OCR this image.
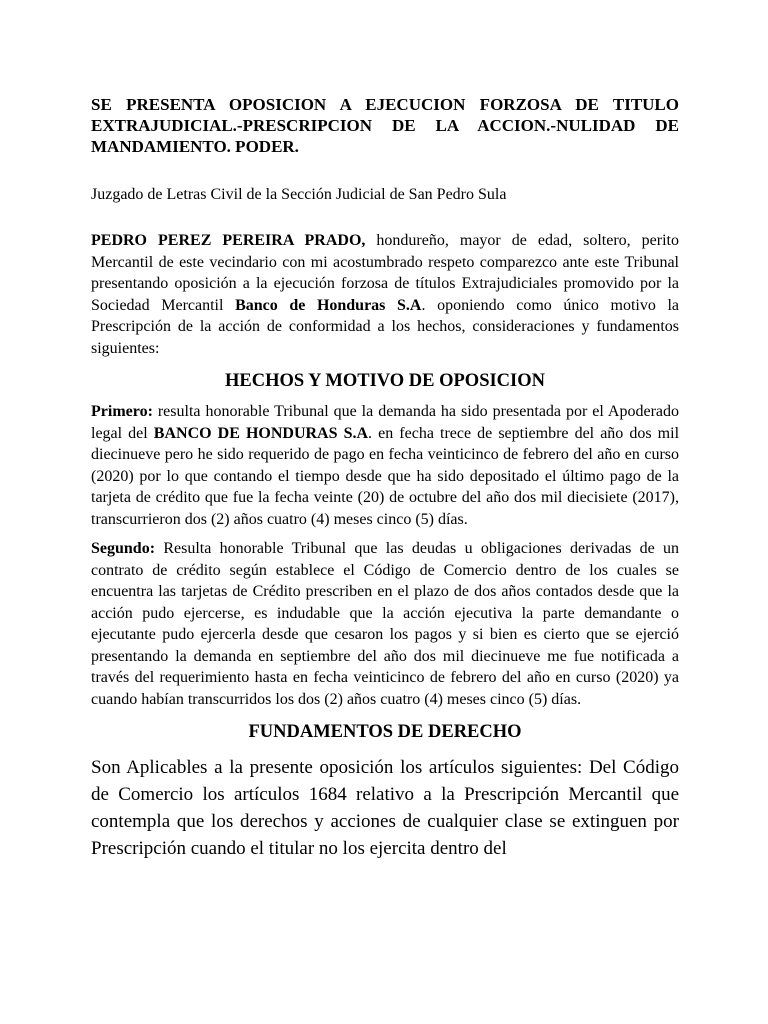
SE PRESENTA OPOSICION A EJECUCION FORZOSA DE TITULO EXTRAJUDICIAL.-PRESCRIPCION DE LA ACCION.-NULIDAD DE MANDAMIENTO. PODER.

Juzgado de Letras Civil de la Sección Judicial de San Pedro Sula

PEDRO PEREZ PEREIRA PRADO, hondureño, mayor de edad, soltero, perito Mercantil de este vecindario con mi acostumbrado respeto comparezco ante este Tribunal presentando oposición a la ejecución forzosa de títulos Extrajudiciales promovido por la Sociedad Mercantil Banco de Honduras S.A. oponiendo como único motivo la Prescripción de la acción de conformidad a los hechos, consideraciones y fundamentos siguientes:

HECHOS Y MOTIVO DE OPOSICION

Primero: resulta honorable Tribunal que la demanda ha sido presentada por el Apoderado legal del BANCO DE HONDURAS S.A. en fecha trece de septiembre del año dos mil diecinueve pero he sido requerido de pago en fecha veinticinco de febrero del año en curso (2020) por lo que contando el tiempo desde que ha sido depositado el último pago de la tarjeta de crédito que fue la fecha veinte (20) de octubre del año dos mil diecisiete (2017), transcurrieron dos (2) años cuatro (4) meses cinco (5) días.

Segundo: Resulta honorable Tribunal que las deudas u obligaciones derivadas de un contrato de crédito según establece el Código de Comercio dentro de los cuales se encuentra las tarjetas de Crédito prescriben en el plazo de dos años contados desde que la acción pudo ejercerse, es indudable que la acción ejecutiva la parte demandante o ejecutante pudo ejercerla desde que cesaron los pagos y si bien es cierto que se ejerció presentando la demanda en septiembre del año dos mil diecinueve me fue notificada a través del requerimiento hasta en fecha veinticinco de febrero del año en curso (2020) ya cuando habían transcurridos los dos (2) años cuatro (4) meses cinco (5) días.

FUNDAMENTOS DE DERECHO

Son Aplicables a la presente oposición los artículos siguientes: Del Código de Comercio los artículos 1684 relativo a la Prescripción Mercantil que contempla que los derechos y acciones de cualquier clase se extinguen por Prescripción cuando el titular no los ejercita dentro del
